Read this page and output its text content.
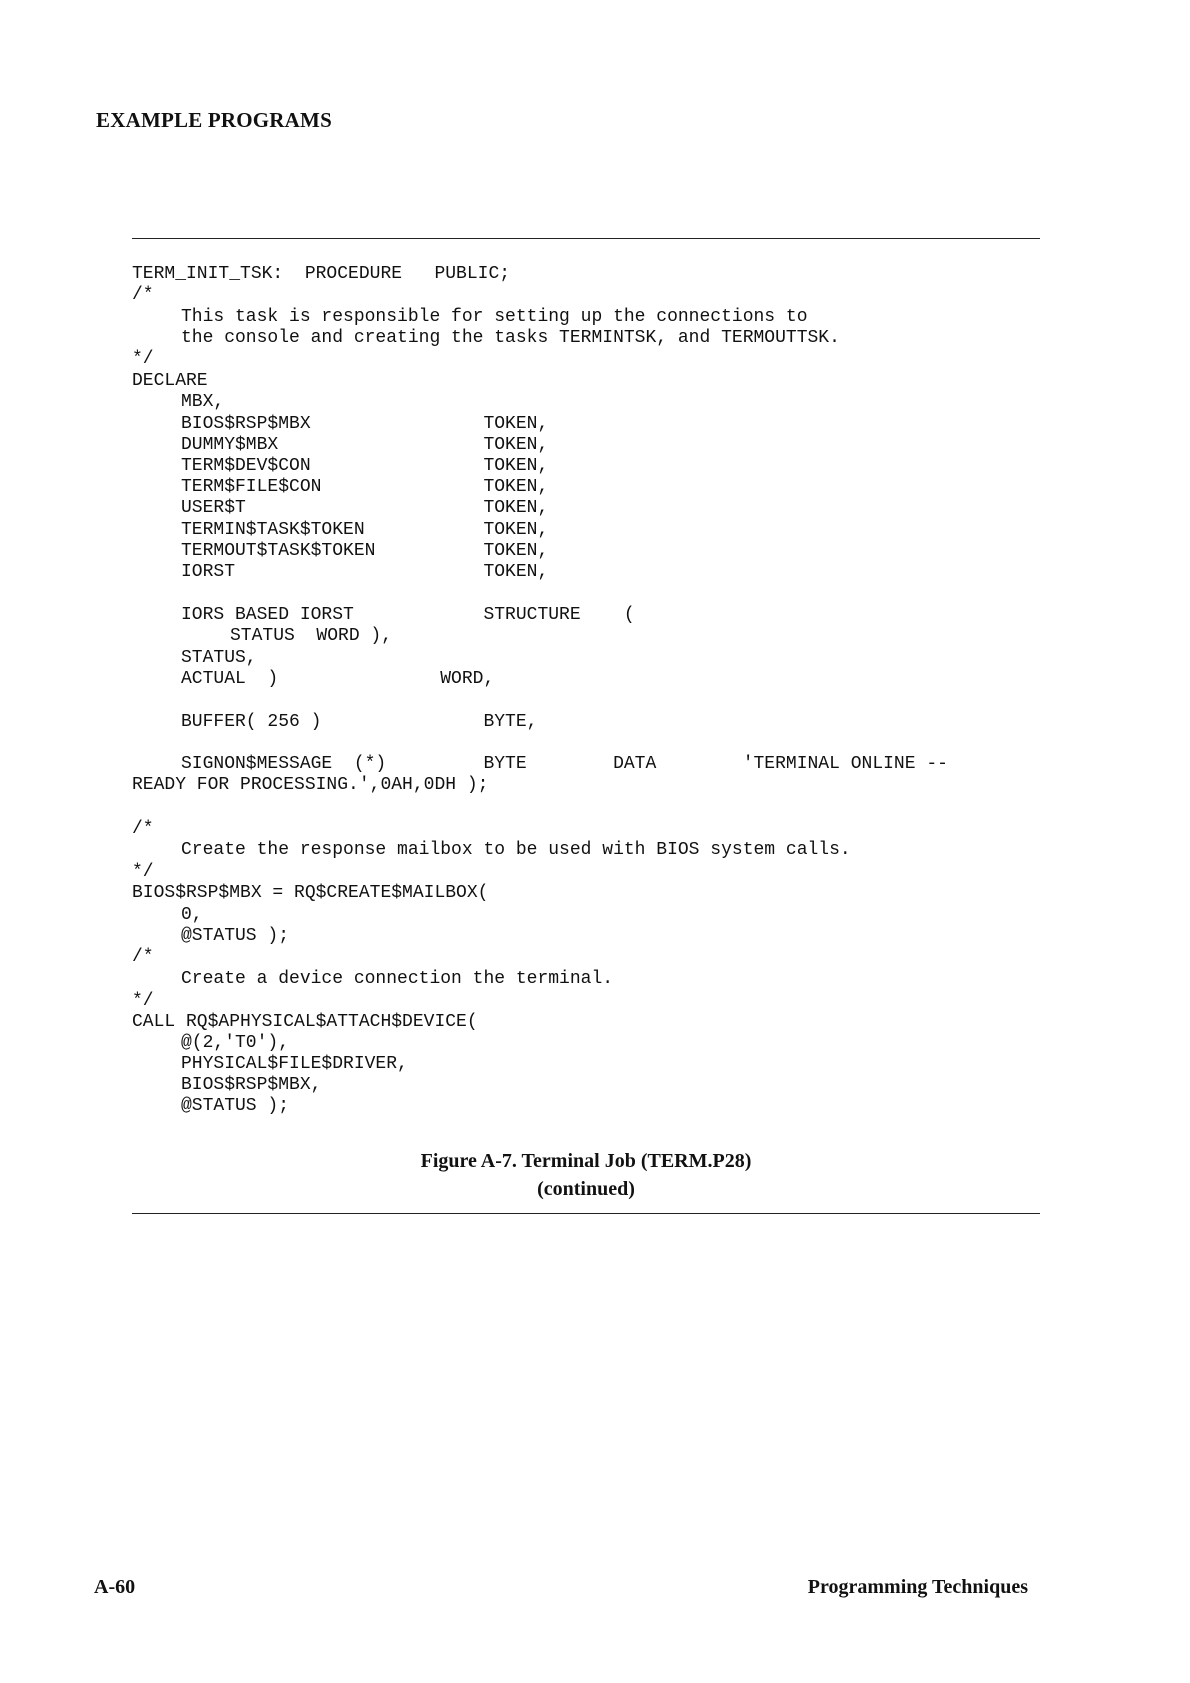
EXAMPLE PROGRAMS
TERM_INIT_TSK:  PROCEDURE   PUBLIC;
/*
This task is responsible for setting up the connections to
the console and creating the tasks TERMINTSK, and TERMOUTTSK.
*/
DECLARE
MBX,
BIOS$RSP$MBX                TOKEN,
DUMMY$MBX                   TOKEN,
TERM$DEV$CON                TOKEN,
TERM$FILE$CON               TOKEN,
USER$T                      TOKEN,
TERMIN$TASK$TOKEN           TOKEN,
TERMOUT$TASK$TOKEN          TOKEN,
IORST                       TOKEN,
IORS BASED IORST            STRUCTURE    (
STATUS  WORD ),
STATUS,
ACTUAL  )               WORD,
BUFFER( 256 )               BYTE,
SIGNON$MESSAGE  (*)         BYTE        DATA        'TERMINAL ONLINE --
READY FOR PROCESSING.',0AH,0DH );
/*
Create the response mailbox to be used with BIOS system calls.
*/
BIOS$RSP$MBX = RQ$CREATE$MAILBOX(
0,
@STATUS );
/*
Create a device connection the terminal.
*/
CALL RQ$APHYSICAL$ATTACH$DEVICE(
@(2,'T0'),
PHYSICAL$FILE$DRIVER,
BIOS$RSP$MBX,
@STATUS );
Figure A-7. Terminal Job (TERM.P28)
(continued)
A-60	Programming Techniques
